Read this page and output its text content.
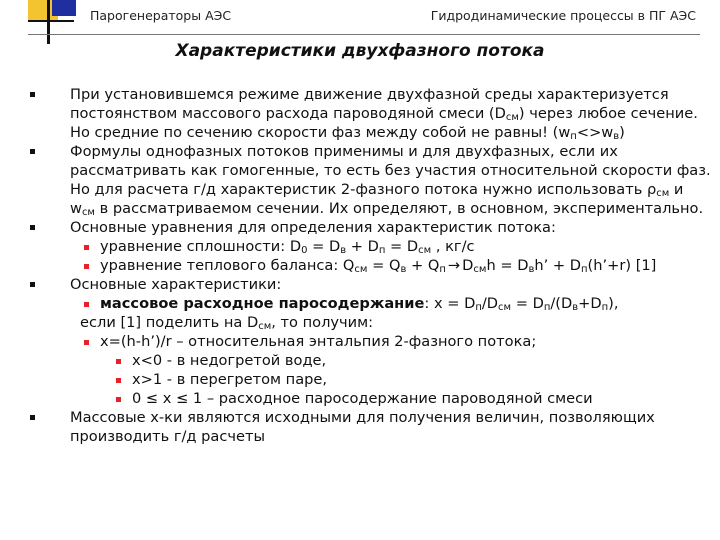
Парогенераторы АЭС	Гидродинамические процессы в ПГ АЭС
Характеристики двухфазного потока
При установившемся режиме движение двухфазной среды характеризуется
постоянством массового расхода пароводяной смеси $(D_{см})$ через любое сечение.
Но средние по сечению скорости фаз между собой не равны! $(w_п<>w_в)$
Формулы однофазных потоков применимы и для двухфазных, если их
рассматривать как гомогенные, то есть без участия относительной скорости фаз.
Но для расчета г/д характеристик 2-фазного потока нужно использовать $\rho_{см}$ и
$w_{см}$ в рассматриваемом сечении. Их определяют, в основном, экспериментально.
Основные уравнения для определения характеристик потока:
уравнение сплошности: $D_0 = D_в + D_п = D_{см}$ , кг/с
уравнение теплового баланса: $Q_{см} = Q_в + Q_п \to D_{см}h = D_вh$’ + $D_п(h’+r)$ [1]
Основные характеристики:
массовое расходное паросодержание: $x = D_п/D_{см} = D_п/(D_в+D_п)$,
если [1] поделить на $D_{см}$, то получим:
x=(h-h’)/r – относительная энтальпия 2-фазного потока;
x<0 - в недогретой воде,
x>1 - в перегретом паре,
0 ≤ x ≤ 1 – расходное паросодержание пароводяной смеси
Массовые х-ки являются исходными для получения величин, позволяющих
производить г/д расчеты
